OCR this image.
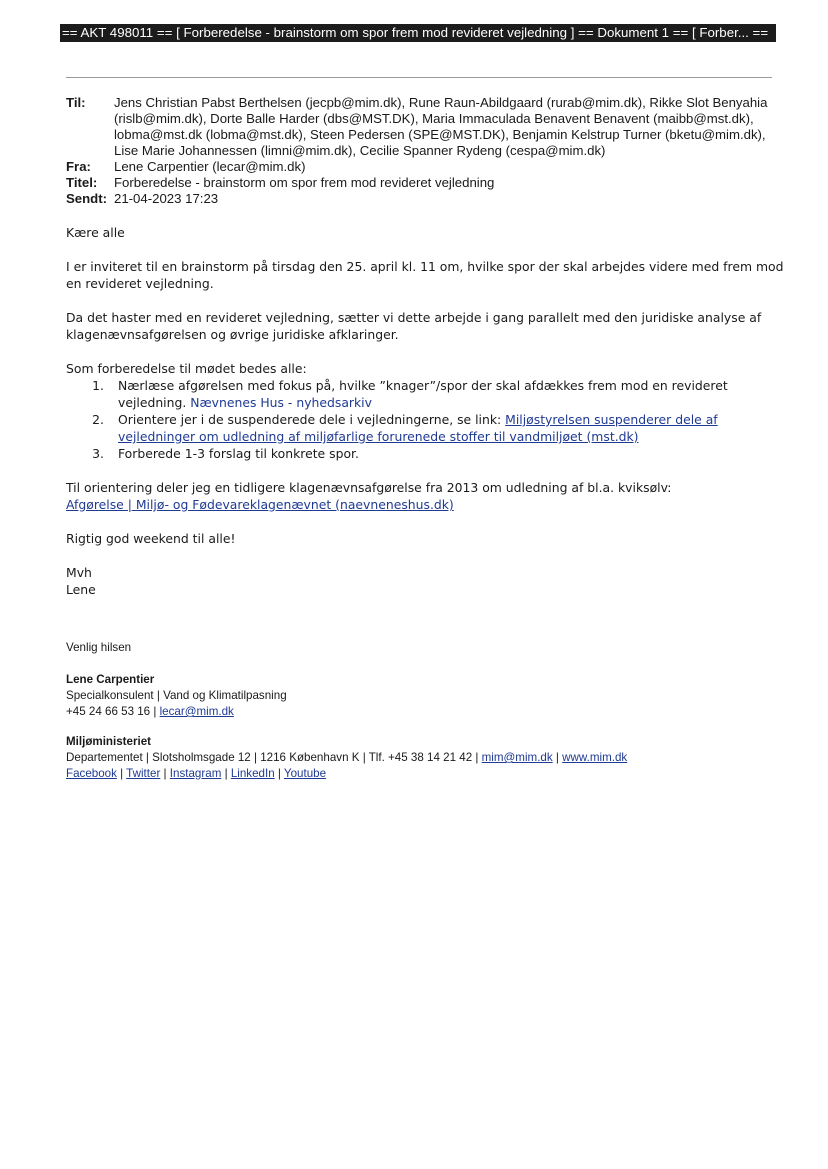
== AKT 498011 == [ Forberedelse - brainstorm om spor frem mod revideret vejledning ] == Dokument 1 == [ Forber... ==
Til:	Jens Christian Pabst Berthelsen (jecpb@mim.dk), Rune Raun-Abildgaard (rurab@mim.dk), Rikke Slot Benyahia
(rislb@mim.dk), Dorte Balle Harder (dbs@MST.DK), Maria Immaculada Benavent Benavent (maibb@mst.dk),
lobma@mst.dk (lobma@mst.dk), Steen Pedersen (SPE@MST.DK), Benjamin Kelstrup Turner (bketu@mim.dk),
Lise Marie Johannessen (limni@mim.dk), Cecilie Spanner Rydeng (cespa@mim.dk)
Fra:	Lene Carpentier (lecar@mim.dk)
Titel:	Forberedelse - brainstorm om spor frem mod revideret vejledning
Sendt: 21-04-2023 17:23

Kære alle

I er inviteret til en brainstorm på tirsdag den 25. april kl. 11 om, hvilke spor der skal arbejdes videre med frem mod
en revideret vejledning.

Da det haster med en revideret vejledning, sætter vi dette arbejde i gang parallelt med den juridiske analyse af
klagenævnsafgørelsen og øvrige juridiske afklaringer.

Som forberedelse til mødet bedes alle:

1.	Nærlæse afgørelsen med fokus på, hvilke ”knager”/spor der skal afdækkes frem mod en revideret
vejledning. Nævnenes Hus - nyhedsarkiv
2.	Orientere jer i de suspenderede dele i vejledningerne, se link: Miljøstyrelsen suspenderer dele af
vejledninger om udledning af miljøfarlige forurenede stoffer til vandmiljøet (mst.dk)
3.	Forberede 1-3 forslag til konkrete spor.

Til orientering deler jeg en tidligere klagenævnsafgørelse fra 2013 om udledning af bl.a. kviksølv:
Afgørelse | Miljø- og Fødevareklagenævnet (naevneneshus.dk)

Rigtig god weekend til alle!

Mvh

Lene

Venlig hilsen

Lene Carpentier

Specialkonsulent | Vand og Klimatilpasning

+45 24 66 53 16 | lecar@mim.dk

Miljøministeriet

Departementet | Slotsholmsgade 12 | 1216 København K | Tlf. +45 38 14 21 42 | mim@mim.dk | www.mim.dk

Facebook | Twitter | Instagram | LinkedIn | Youtube
